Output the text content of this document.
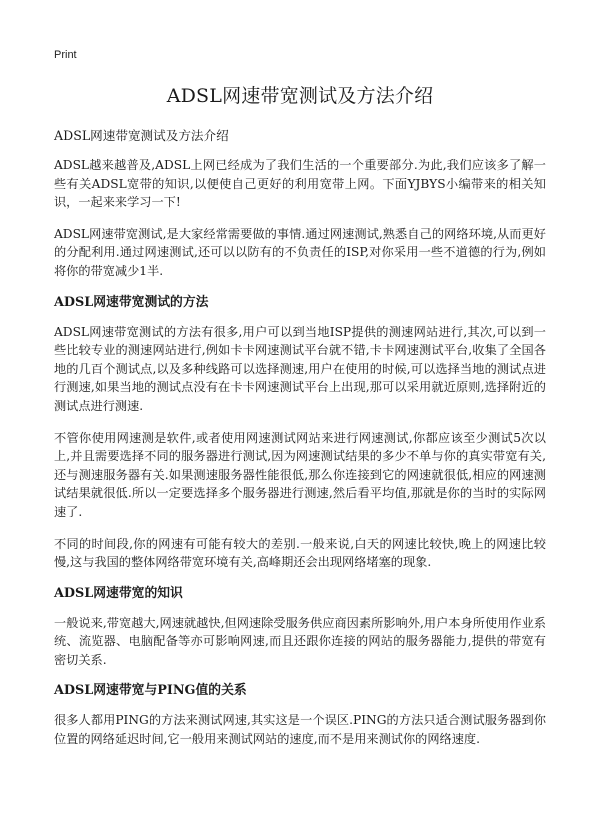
Print
ADSL网速带宽测试及方法介绍

ADSL网速带宽测试及方法介绍

ADSL越来越普及,ADSL上网已经成为了我们生活的一个重要部分.为此,我们应该多了解一些有关ADSL宽带的知识,以便使自己更好的利用宽带上网。下面YJBYS小编带来的相关知识，一起来来学习一下!

ADSL网速带宽测试,是大家经常需要做的事情.通过网速测试,熟悉自己的网络环境,从而更好的分配利用.通过网速测试,还可以以防有的不负责任的ISP,对你采用一些不道德的行为,例如将你的带宽减少1半.

ADSL网速带宽测试的方法

ADSL网速带宽测试的方法有很多,用户可以到当地ISP提供的测速网站进行,其次,可以到一些比较专业的测速网站进行,例如卡卡网速测试平台就不错,卡卡网速测试平台,收集了全国各地的几百个测试点,以及多种线路可以选择测速,用户在使用的时候,可以选择当地的测试点进行测速,如果当地的测试点没有在卡卡网速测试平台上出现,那可以采用就近原则,选择附近的测试点进行测速.

不管你使用网速测是软件,或者使用网速测试网站来进行网速测试,你都应该至少测试5次以上,并且需要选择不同的服务器进行测试,因为网速测试结果的多少不单与你的真实带宽有关,还与测速服务器有关.如果测速服务器性能很低,那么你连接到它的网速就很低,相应的网速测试结果就很低.所以一定要选择多个服务器进行测速,然后看平均值,那就是你的当时的实际网速了.

不同的时间段,你的网速有可能有较大的差别.一般来说,白天的网速比较快,晚上的网速比较慢,这与我国的整体网络带宽环境有关,高峰期还会出现网络堵塞的现象.

ADSL网速带宽的知识

一般说来,带宽越大,网速就越快,但网速除受服务供应商因素所影响外,用户本身所使用作业系统、流览器、电脑配备等亦可影响网速,而且还跟你连接的网站的服务器能力,提供的带宽有密切关系.

ADSL网速带宽与PING值的关系

很多人都用PING的方法来测试网速,其实这是一个误区.PING的方法只适合测试服务器到你位置的网络延迟时间,它一般用来测试网站的速度,而不是用来测试你的网络速度.
